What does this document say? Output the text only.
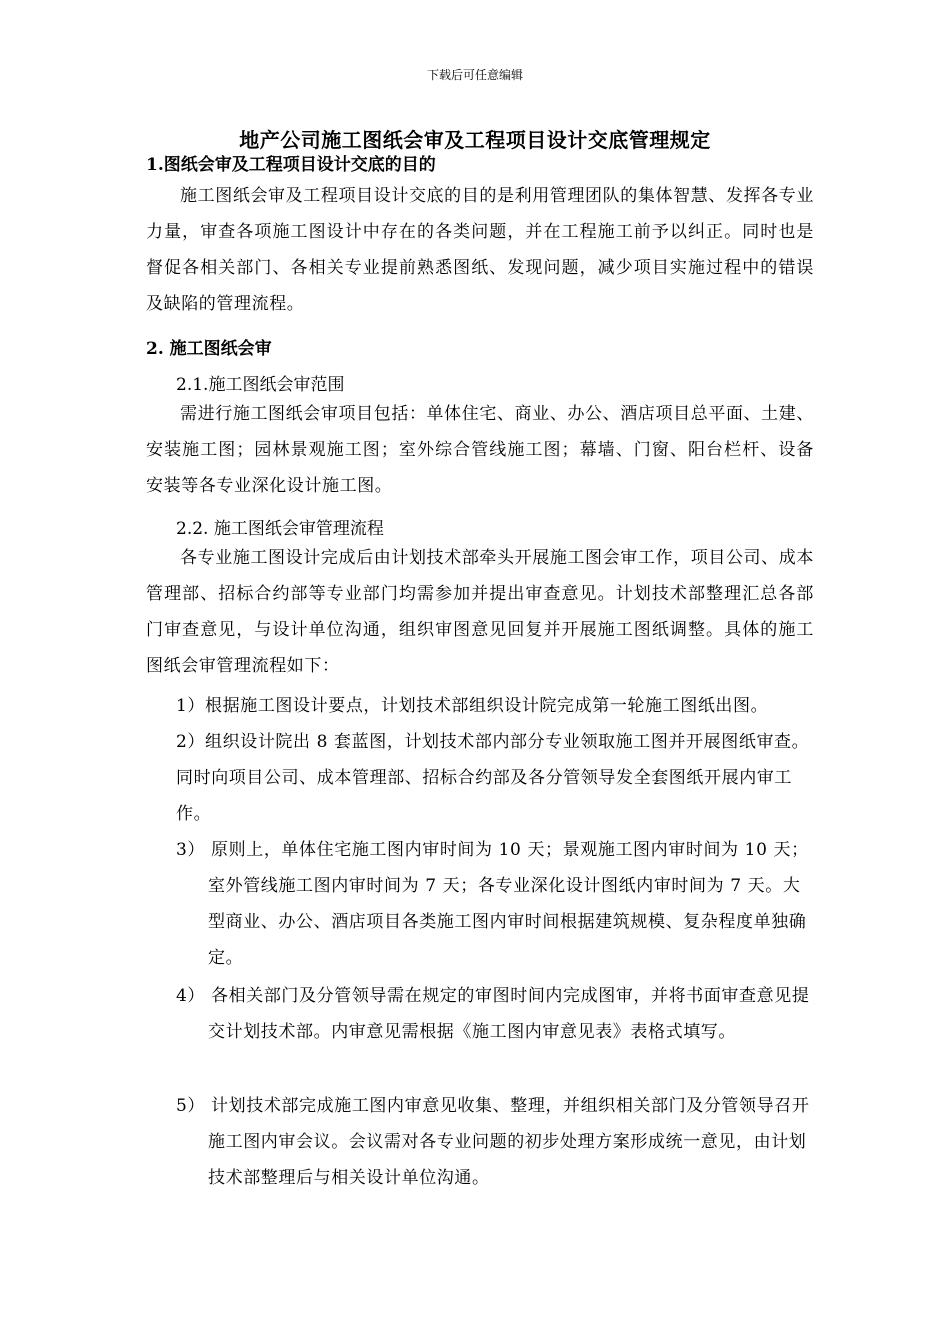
下载后可任意编辑
地产公司施工图纸会审及工程项目设计交底管理规定
1.图纸会审及工程项目设计交底的目的
施工图纸会审及工程项目设计交底的目的是利用管理团队的集体智慧、发挥各专业力量，审查各项施工图设计中存在的各类问题，并在工程施工前予以纠正。同时也是督促各相关部门、各相关专业提前熟悉图纸、发现问题，减少项目实施过程中的错误及缺陷的管理流程。
2. 施工图纸会审
2.1.施工图纸会审范围
需进行施工图纸会审项目包括：单体住宅、商业、办公、酒店项目总平面、土建、安装施工图；园林景观施工图；室外综合管线施工图；幕墙、门窗、阳台栏杆、设备安装等各专业深化设计施工图。
2.2. 施工图纸会审管理流程
各专业施工图设计完成后由计划技术部牵头开展施工图会审工作，项目公司、成本管理部、招标合约部等专业部门均需参加并提出审查意见。计划技术部整理汇总各部门审查意见，与设计单位沟通，组织审图意见回复并开展施工图纸调整。具体的施工图纸会审管理流程如下：
1）根据施工图设计要点，计划技术部组织设计院完成第一轮施工图纸出图。
2）组织设计院出 8 套蓝图，计划技术部内部分专业领取施工图并开展图纸审查。同时向项目公司、成本管理部、招标合约部及各分管领导发全套图纸开展内审工作。
3） 原则上，单体住宅施工图内审时间为 10 天；景观施工图内审时间为 10 天；室外管线施工图内审时间为 7 天；各专业深化设计图纸内审时间为 7 天。大型商业、办公、酒店项目各类施工图内审时间根据建筑规模、复杂程度单独确定。
4） 各相关部门及分管领导需在规定的审图时间内完成图审，并将书面审查意见提交计划技术部。内审意见需根据《施工图内审意见表》表格式填写。
5） 计划技术部完成施工图内审意见收集、整理，并组织相关部门及分管领导召开施工图内审会议。会议需对各专业问题的初步处理方案形成统一意见，由计划技术部整理后与相关设计单位沟通。
